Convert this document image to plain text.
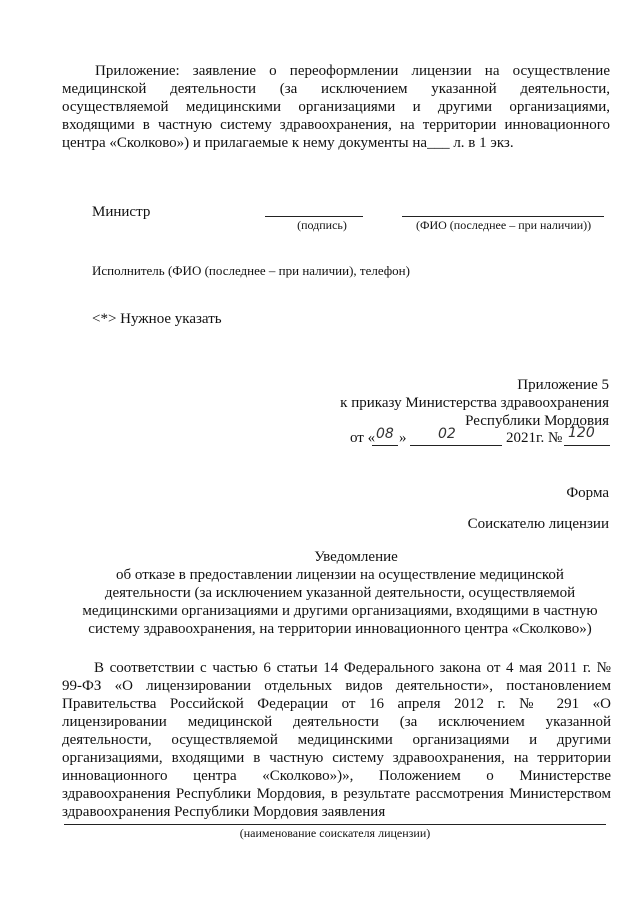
Приложение: заявление о переоформлении лицензии на осуществление
медицинской деятельности (за исключением указанной деятельности,
осуществляемой медицинскими организациями и другими организациями,
входящими в частную систему здравоохранения, на территории инновационного
центра «Сколково») и прилагаемые к нему документы на___ л. в 1 экз.
Министр
(подпись)	(ФИО (последнее – при наличии))
Исполнитель (ФИО (последнее – при наличии), телефон)
<*> Нужное указать
Приложение 5
к приказу Министерства здравоохранения
Республики Мордовия
от « 08 » 02	2021г. № 120
Форма
Соискателю лицензии
Уведомление
об отказе в предоставлении лицензии на осуществление медицинской
деятельности (за исключением указанной деятельности, осуществляемой
медицинскими организациями и другими организациями, входящими в частную
систему здравоохранения, на территории инновационного центра «Сколково»)
В соответствии с частью 6 статьи 14 Федерального закона от 4 мая 2011 г. №
99-ФЗ «О лицензировании отдельных видов деятельности», постановлением
Правительства Российской Федерации от 16 апреля 2012 г. № 291 «О
лицензировании медицинской деятельности (за исключением указанной
деятельности, осуществляемой медицинскими организациями и другими
организациями, входящими в частную систему здравоохранения, на территории
инновационного центра «Сколково»)», Положением о Министерстве
здравоохранения Республики Мордовия, в результате рассмотрения Министерством
здравоохранения Республики Мордовия заявления
(наименование соискателя лицензии)
